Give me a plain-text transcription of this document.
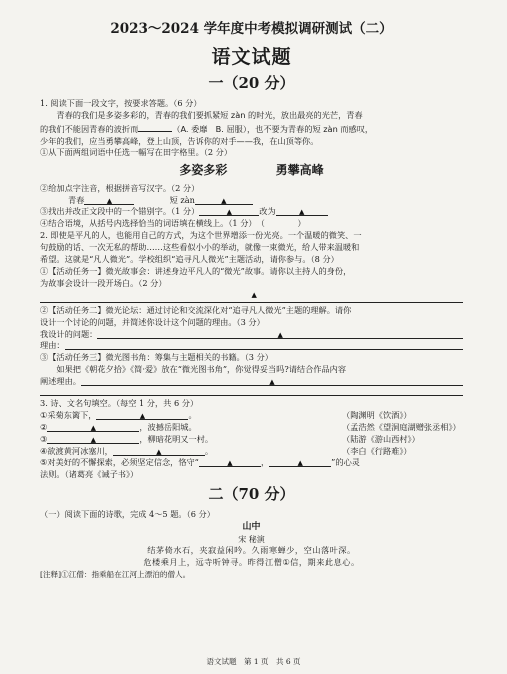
2023～2024 学年度中考模拟调研测试（二）
语文试题
一（20 分）

1. 阅读下面一段文字，按要求答题。（6 分）

青春的我们是多姿多彩的，青春的我们要抓紧短 zàn 的时光，放出最亮的光芒，青春

的我们不能因青春的波折而	（A. 委靡　B. 屈服），也不要为青春的短 zàn 而感叹，

少年的我们，应当勇攀高峰，登上山顶，告诉你的对手——我，在山顶等你。

①从下面两组词语中任选一幅写在田字格里。（2 分）

多姿多彩	勇攀高峰

②给加点字注音，根据拼音写汉字。（2 分）

青春	▲	短 zàn	▲

③找出并改正文段中的一个错别字。（1 分）	▲	改为	▲

④结合语境，从括号内选择恰当的词语填在横线上。（1 分）　（　　　　）

2. 即使是平凡的人，也能用自己的方式，为这个世界增添一份光亮。一个温暖的微笑、一

句鼓励的话、一次无私的帮助……这些看似小小的举动，就像一束微光，给人带来温暖和

希望。这就是“凡人微光”。学校组织“追寻凡人微光”主题活动，请你参与。（8 分）

①【活动任务一】微光故事会：讲述身边平凡人的“微光”故事。请你以主持人的身份，

为故事会设计一段开场白。（2 分）

▲

②【活动任务二】微光论坛：通过讨论和交流深化对“追寻凡人微光”主题的理解。请你

设计一个讨论的问题，并简述你设计这个问题的理由。（3 分）

我设计的问题：	▲
理由：

③【活动任务三】微光图书角：筹集与主题相关的书籍。（3 分）

如果把《朝花夕拾》《简·爱》放在“微光图书角”，你觉得妥当吗?请结合作品内容

阐述理由。	▲

3. 诗、文名句填空。（每空 1 分，共 6 分）

①采菊东篱下，	▲	。	（陶渊明《饮酒》）

②	▲	，波撼岳阳城。	（孟浩然《望洞庭湖赠张丞相》）

③	▲	，柳暗花明又一村。	（陆游《游山西村》）

④欲渡黄河冰塞川，	▲	。	（李白《行路难》）

⑤对美好的不懈探索，必须坚定信念，恪守“	▲	，	▲	”的心灵

法则。（诸葛亮《诫子书》）

二（70 分）

（一）阅读下面的诗歌，完成 4～5 题。（6 分）

山中
宋 秘演
结茅倚水石，夹寂益闲吟。久雨寒蝉少，空山落叶深。
危楼乘月上，远寺听钟寻。昨得江僧①信，期来此息心。

[注释]①江僧：指乘船在江河上漂泊的僧人。

语文试题　第 1 页　共 6 页
